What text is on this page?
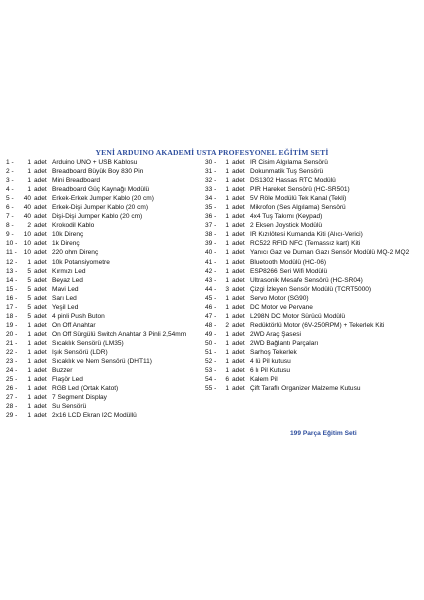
YENİ ARDUINO AKADEMİ USTA PROFESYONEL EĞİTİM SETİ
1 -	1 adet Arduino UNO + USB Kablosu
2 -	1 adet Breadboard Büyük Boy 830 Pin
3 -	1 adet Mini Breadboard
4 -	1 adet Breadboard Güç Kaynağı Modülü
5 -	40 adet Erkek-Erkek Jumper Kablo (20 cm)
6 -	40 adet Erkek-Dişi Jumper Kablo (20 cm)
7 -	40 adet Dişi-Dişi Jumper Kablo (20 cm)
8 -	2 adet Krokodil Kablo
9 -	10 adet 10k Direnç
10 - 10 adet 1k Direnç
11 -	10 adet 220 ohm Direnç
12 -	1 adet 10k Potansiyometre
13 -	5 adet Kırmızı Led
14 -	5 adet Beyaz Led
15 -	5 adet Mavi Led
16 -	5 adet Sarı Led
17 -	5 adet Yeşil Led
18 -	5 adet 4 pinli Push Buton
19 -	1 adet On Off Anahtar
20 -	1 adet On Off Sürgülü Switch Anahtar 3 Pinli 2,54mm
21 -	1 adet Sıcaklık Sensörü (LM35)
22 -	1 adet Işık Sensörü (LDR)
23 -	1 adet Sıcaklık ve Nem Sensörü (DHT11)
24 -	1 adet Buzzer
25 -	1 adet Flaşör Led
26 -	1 adet RGB Led (Ortak Katot)
27 -	1 adet 7 Segment Display
28 -	1 adet Su Sensörü
29 -	1 adet 2x16 LCD Ekran I2C Modüllü
30 -	1 adet IR Cisim Algılama Sensörü
31 -	1 adet Dokunmatik Tuş Sensörü
32 -	1 adet DS1302 Hassas RTC Modülü
33 -	1 adet PIR Hareket Sensörü (HC-SR501)
34 -	1 adet 5V Röle Modülü Tek Kanal (Tekli)
35 -	1 adet Mikrofon (Ses Algılama) Sensörü
36 -	1 adet 4x4 Tuş Takımı (Keypad)
37 -	1 adet 2 Eksen Joystick Modülü
38 -	1 adet IR Kızılötesi Kumanda Kiti (Alıcı-Verici)
39 -	1 adet RC522 RFID NFC (Temassız kart) Kiti
40 -	1 adet Yanıcı Gaz ve Duman Gazı Sensör Modülü MQ-2 MQ2
41 -	1 adet Bluetooth Modülü (HC-06)
42 -	1 adet ESP8266 Seri Wifi Modülü
43 -	1 adet Ultrasonik Mesafe Sensörü (HC-SR04)
44 -	3 adet Çizgi İzleyen Sensör Modülü (TCRT5000)
45 -	1 adet Servo Motor (SG90)
46 -	1 adet DC Motor ve Pervane
47 -	1 adet L298N DC Motor Sürücü Modülü
48 -	2 adet Redüktörlü Motor (6V-250RPM) + Tekerlek Kiti
49 -	1 adet 2WD Araç Şasesi
50 -	1 adet 2WD Bağlantı Parçaları
51 -	1 adet Sarhoş Tekerlek
52 -	1 adet 4 lü Pil kutusu
53 -	1 adet 6 lı Pil Kutusu
54 -	6 adet Kalem Pil
55 -	1 adet Çift Taraflı Organizer Malzeme Kutusu
199 Parça Eğitim Seti
